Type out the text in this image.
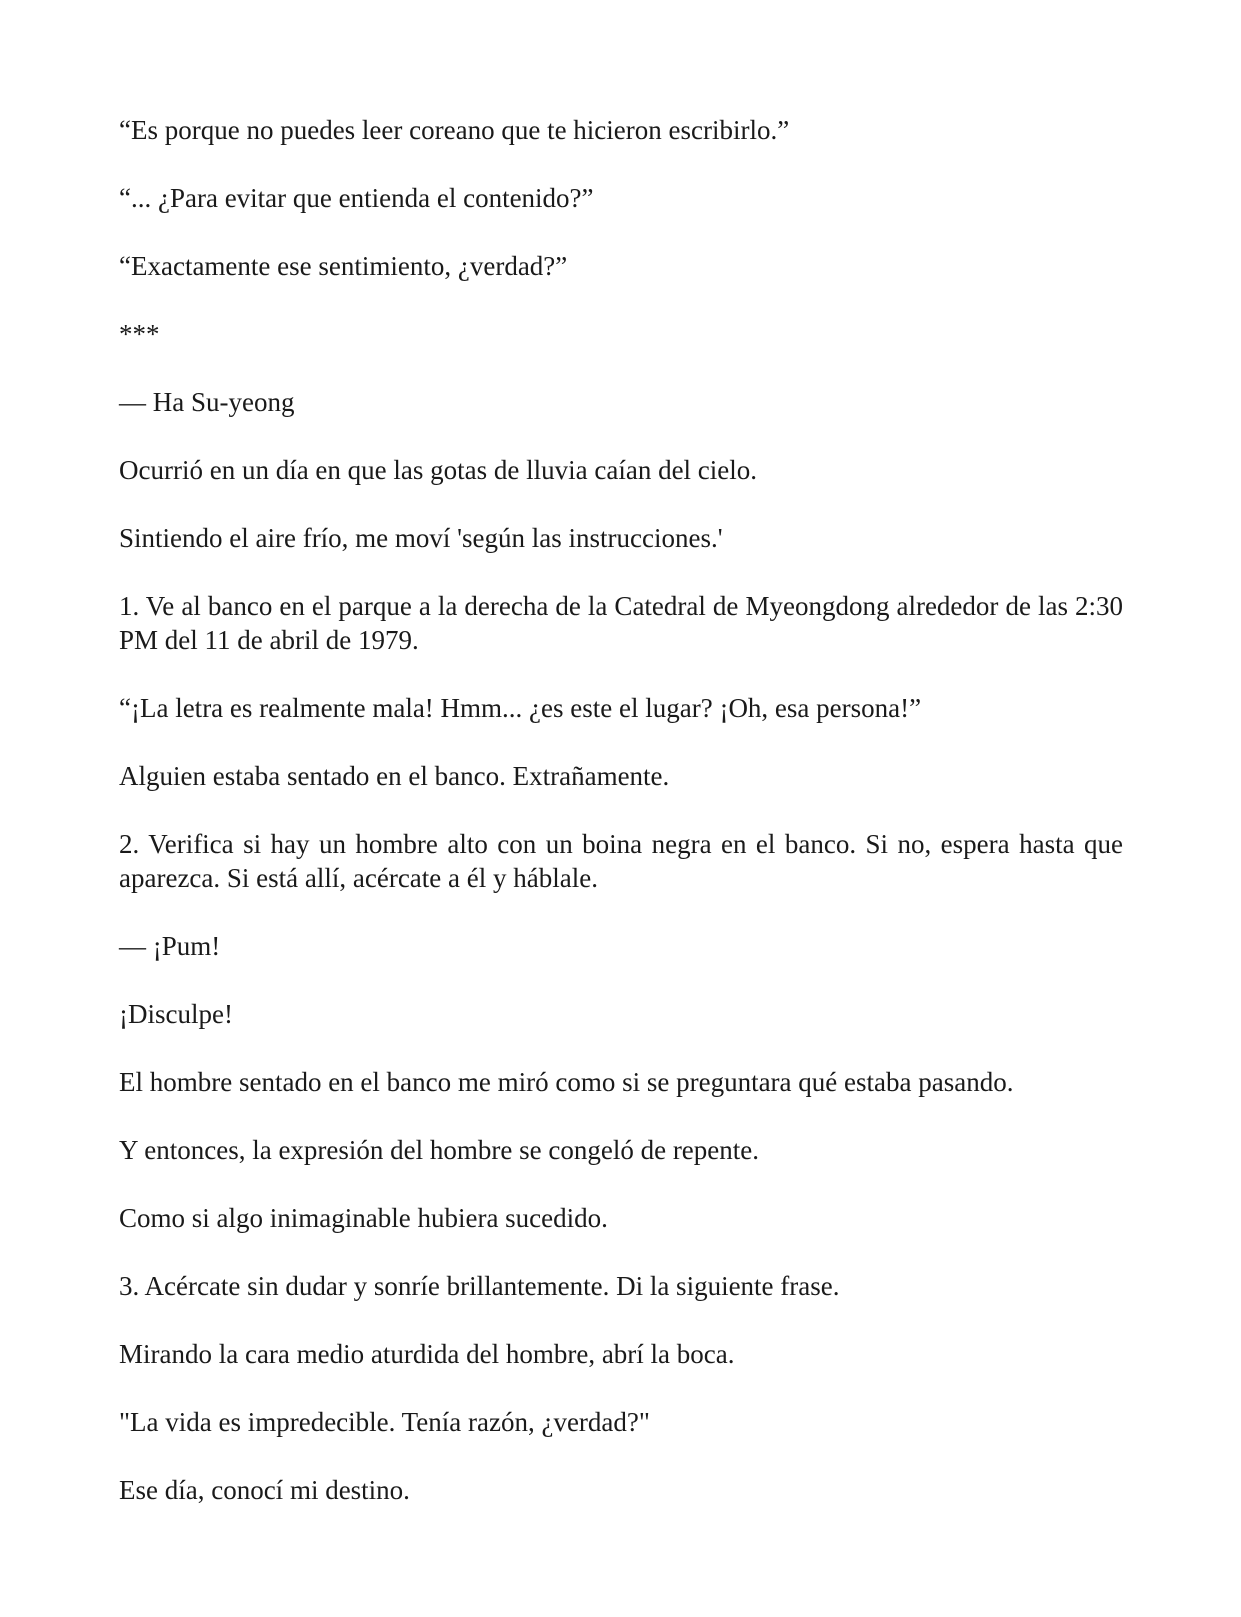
“Es porque no puedes leer coreano que te hicieron escribirlo.”

“... ¿Para evitar que entienda el contenido?”

“Exactamente ese sentimiento, ¿verdad?”

***

— Ha Su-yeong

Ocurrió en un día en que las gotas de lluvia caían del cielo.

Sintiendo el aire frío, me moví 'según las instrucciones.'

1. Ve al banco en el parque a la derecha de la Catedral de Myeongdong alrededor de las 2:30 PM del 11 de abril de 1979.

“¡La letra es realmente mala! Hmm... ¿es este el lugar? ¡Oh, esa persona!”

Alguien estaba sentado en el banco. Extrañamente.

2. Verifica si hay un hombre alto con un boina negra en el banco. Si no, espera hasta que aparezca. Si está allí, acércate a él y háblale.

— ¡Pum!

¡Disculpe!

El hombre sentado en el banco me miró como si se preguntara qué estaba pasando.

Y entonces, la expresión del hombre se congeló de repente.

Como si algo inimaginable hubiera sucedido.

3. Acércate sin dudar y sonríe brillantemente. Di la siguiente frase.

Mirando la cara medio aturdida del hombre, abrí la boca.

"La vida es impredecible. Tenía razón, ¿verdad?"

Ese día, conocí mi destino.
